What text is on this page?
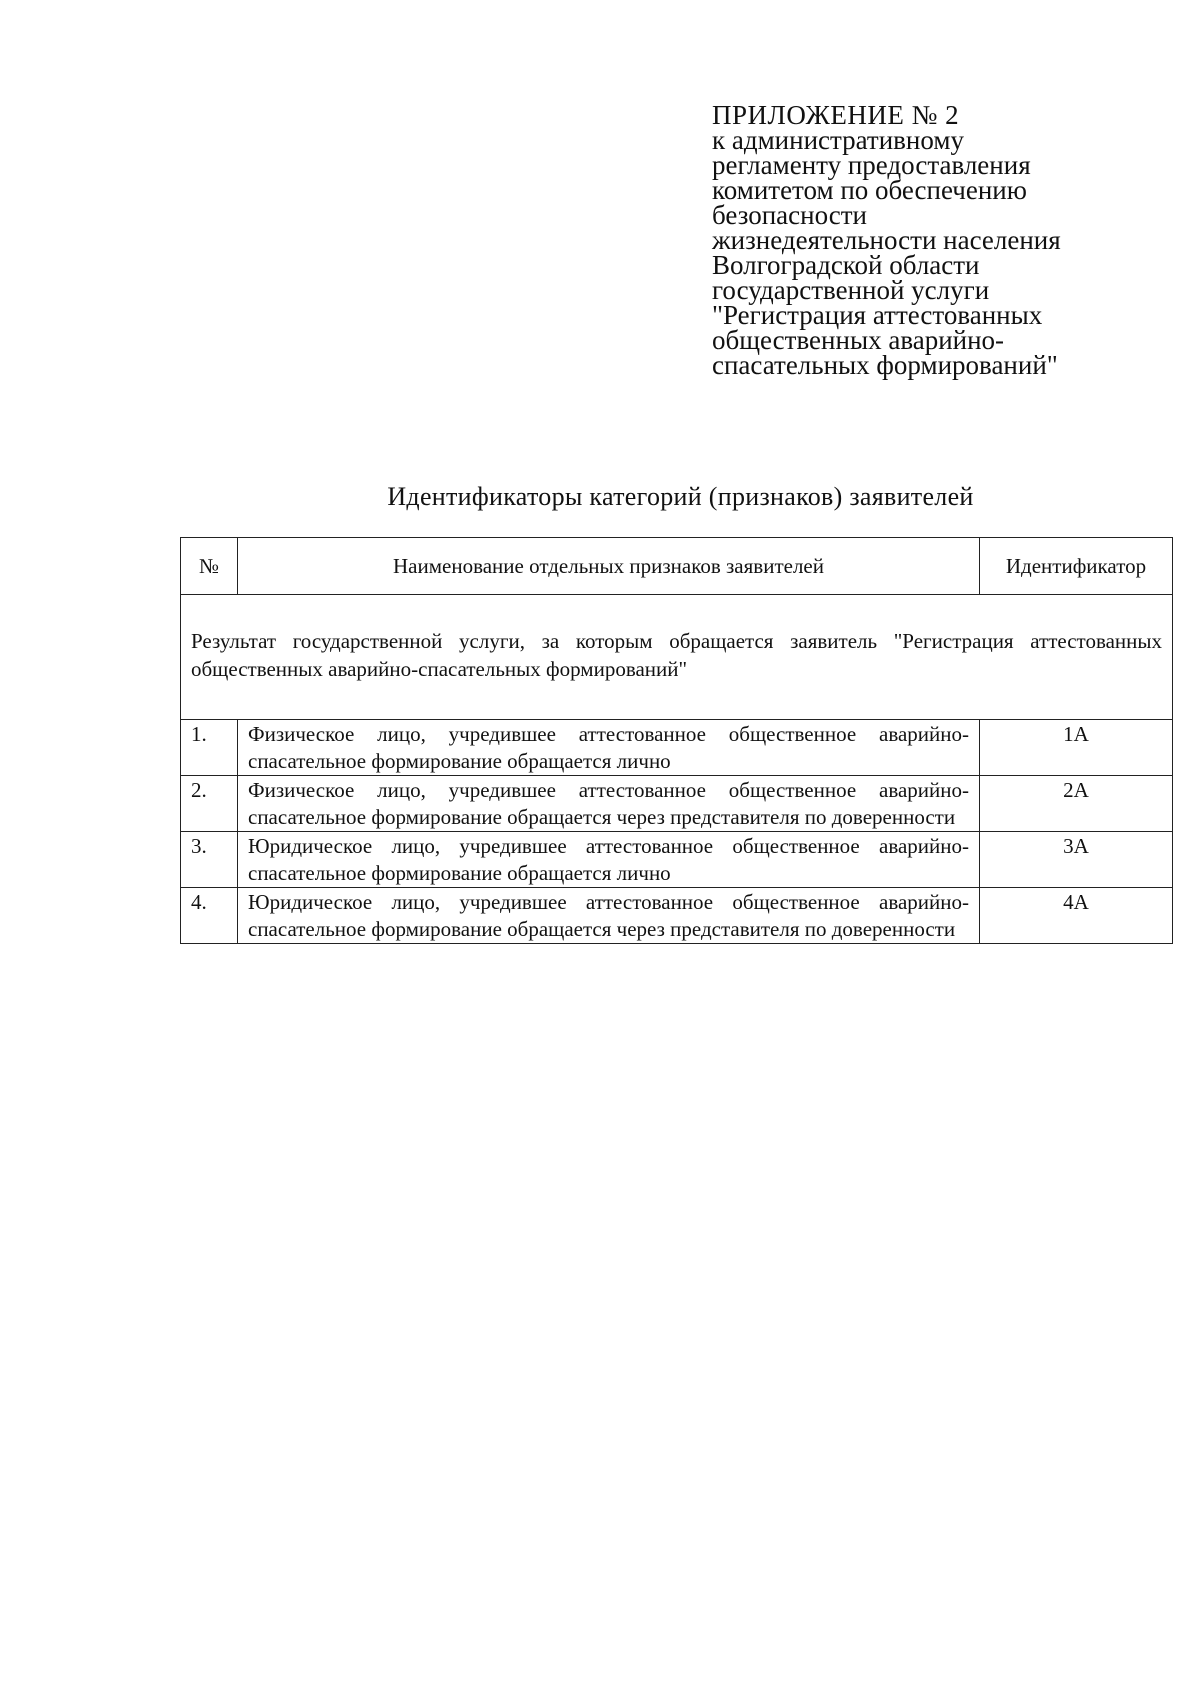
ПРИЛОЖЕНИЕ № 2
к административному
регламенту предоставления
комитетом по обеспечению
безопасности
жизнедеятельности населения
Волгоградской области
государственной услуги
"Регистрация аттестованных
общественных аварийно-
спасательных формирований"
Идентификаторы категорий (признаков) заявителей
№	Наименование отдельных признаков заявителей	Идентификатор
Результат государственной услуги, за которым обращается заявитель "Регистрация аттестованных общественных аварийно-спасательных формирований"		
1.	Физическое лицо, учредившее аттестованное общественное аварийно-спасательное формирование обращается лично	1А
2.	Физическое лицо, учредившее аттестованное общественное аварийно-спасательное формирование обращается через представителя по доверенности	2А
3.	Юридическое лицо, учредившее аттестованное общественное аварийно-спасательное формирование обращается лично	3А
4.	Юридическое лицо, учредившее аттестованное общественное аварийно-спасательное формирование обращается через представителя по доверенности	4А
